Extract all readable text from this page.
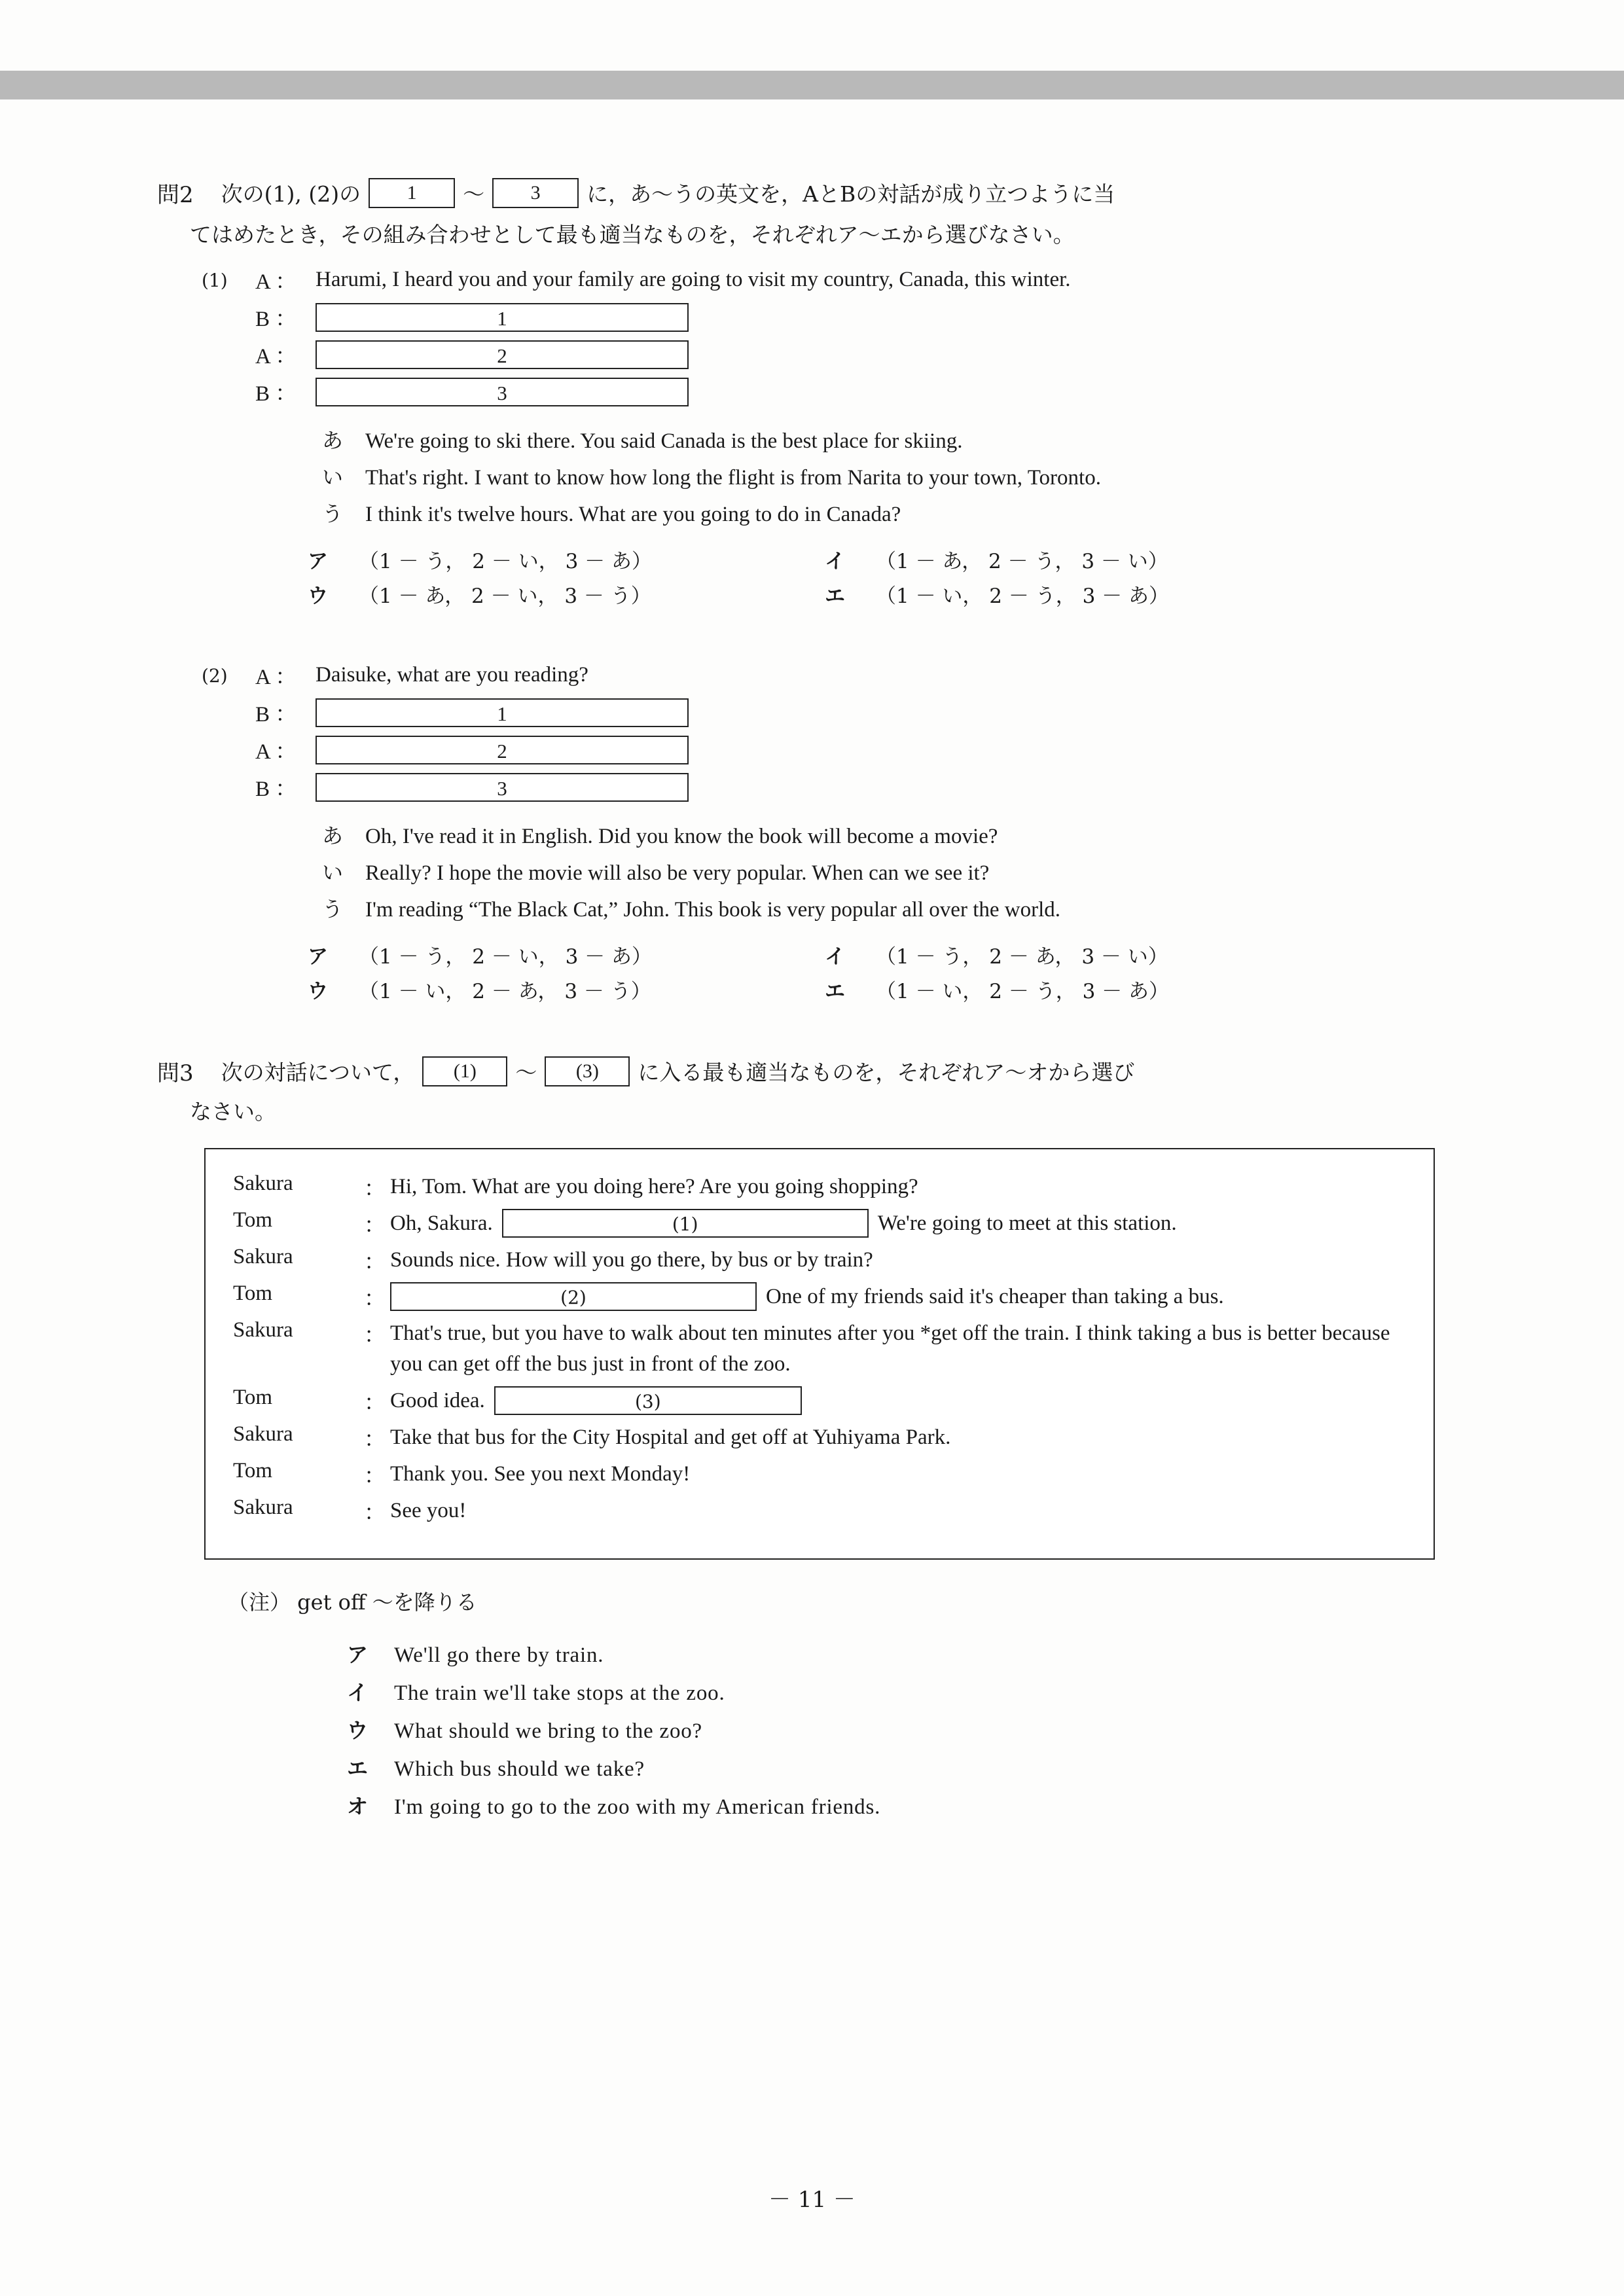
問2 次の(1), (2)の	1	〜	3	に，あ〜うの英文を，AとBの対話が成り立つように当
てはめたとき，その組み合わせとして最も適当なものを，それぞれア〜エから選びなさい。
(1) A ： Harumi, I heard you and your family are going to visit my country, Canada, this winter.
B ：	1
A ：	2
B ：	3
あ	We're going to ski there. You said Canada is the best place for skiing.
い	That's right. I want to know how long the flight is from Narita to your town, Toronto.
う	I think it's twelve hours. What are you going to do in Canada?
ア	（1 － う， 2 － い， 3 － あ）	イ	（1 － あ， 2 － う， 3 － い）
ウ	（1 － あ， 2 － い， 3 － う）	エ	（1 － い， 2 － う， 3 － あ）
(2) A ： Daisuke, what are you reading?
B ：	1
A ：	2
B ：	3
あ	Oh, I've read it in English. Did you know the book will become a movie?
い	Really? I hope the movie will also be very popular. When can we see it?
う	I'm reading “The Black Cat,” John. This book is very popular all over the world.
ア	（1 － う， 2 － い， 3 － あ）	イ	（1 － う， 2 － あ， 3 － い）
ウ	（1 － い， 2 － あ， 3 － う）	エ	（1 － い， 2 － う， 3 － あ）
問3 次の対話について，	(1)	〜	(3)	に入る最も適当なものを，それぞれア〜オから選び
なさい。
Sakura	： Hi, Tom. What are you doing here? Are you going shopping?
Tom	： Oh, Sakura.	(1)	We're going to meet at this station.
Sakura	： Sounds nice. How will you go there, by bus or by train?
Tom	：	(2)	One of my friends said it's cheaper than taking a bus.
Sakura	： That's true, but you have to walk about ten minutes after you *get off the train. I think taking a bus is better because you can get off the bus just in front of the zoo.
Tom	： Good idea.	(3)
Sakura	： Take that bus for the City Hospital and get off at Yuhiyama Park.
Tom	： Thank you. See you next Monday!
Sakura	： See you!
（注） get off 〜を降りる
ア	We'll go there by train.
イ	The train we'll take stops at the zoo.
ウ	What should we bring to the zoo?
エ	Which bus should we take?
オ	I'm going to go to the zoo with my American friends.
－ 11 －
